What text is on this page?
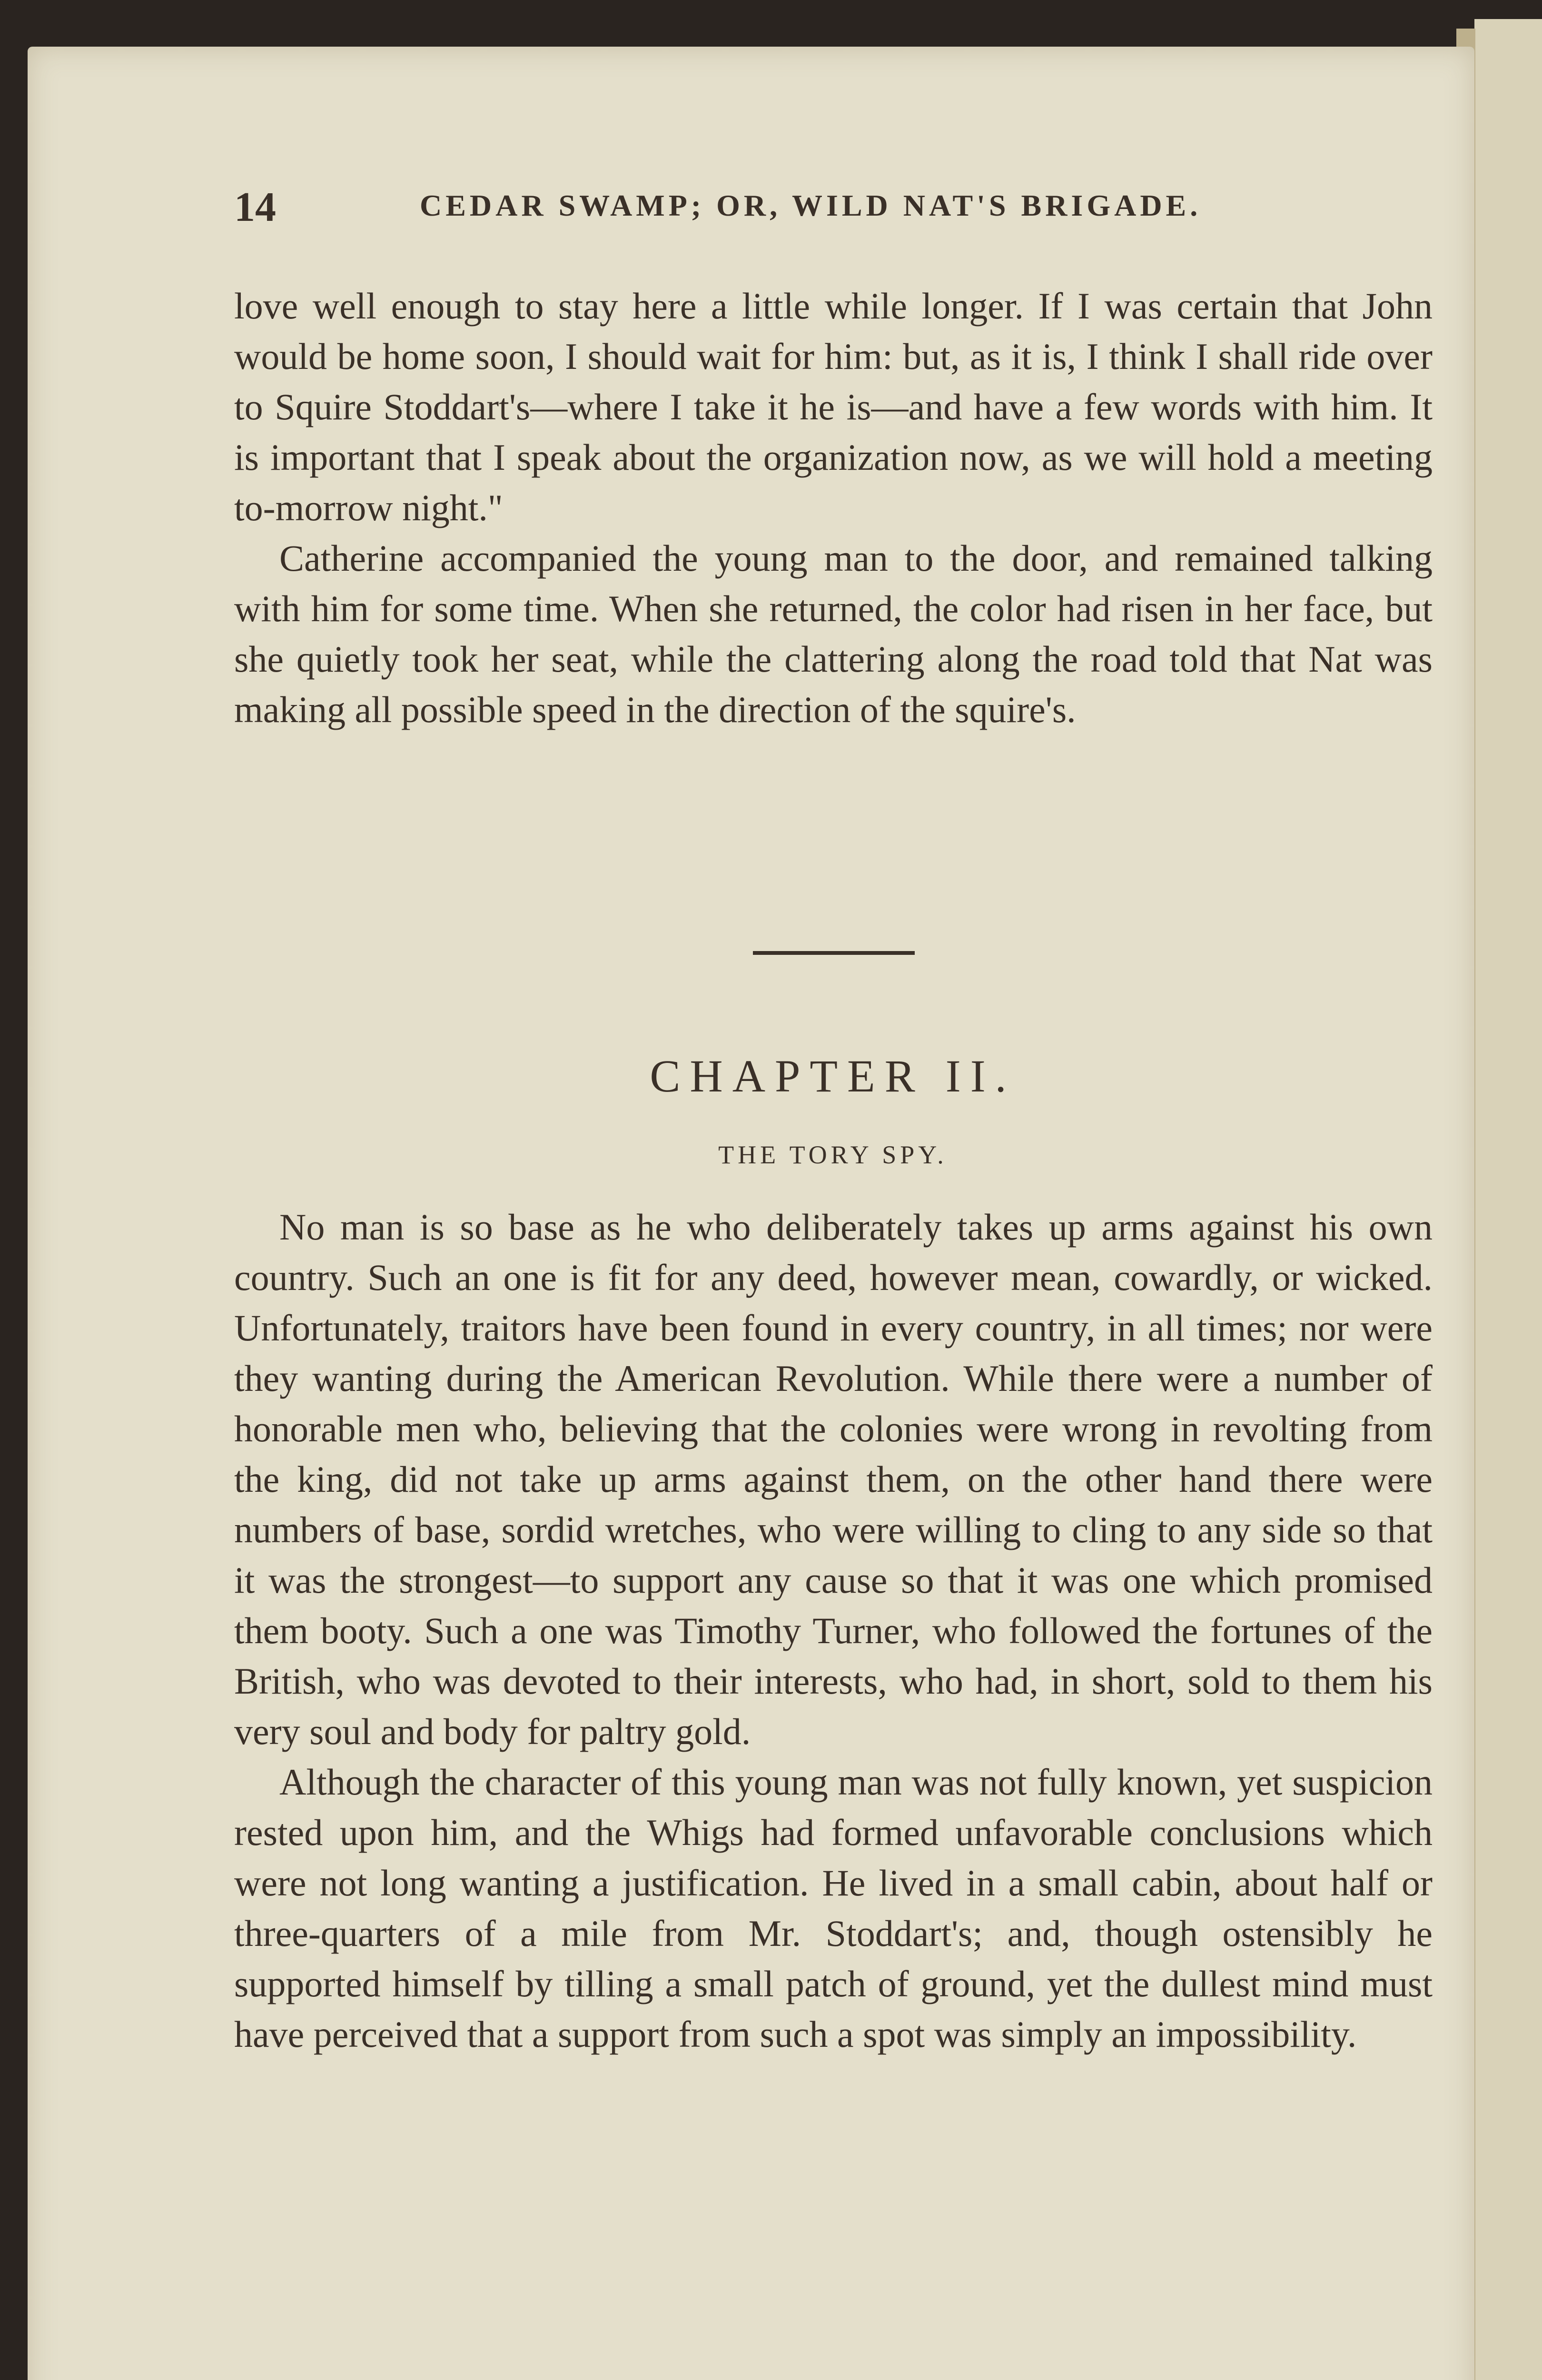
14	CEDAR SWAMP; OR, WILD NAT'S BRIGADE.

love well enough to stay here a little while longer. If I was certain that John would be home soon, I should wait for him: but, as it is, I think I shall ride over to Squire Stoddart's—where I take it he is—and have a few words with him. It is important that I speak about the organization now, as we will hold a meeting to-morrow night."

Catherine accompanied the young man to the door, and remained talking with him for some time. When she returned, the color had risen in her face, but she quietly took her seat, while the clattering along the road told that Nat was making all possible speed in the direction of the squire's.

CHAPTER II.
THE TORY SPY.

No man is so base as he who deliberately takes up arms against his own country. Such an one is fit for any deed, however mean, cowardly, or wicked. Unfortunately, traitors have been found in every country, in all times; nor were they wanting during the American Revolution. While there were a number of honorable men who, believing that the colonies were wrong in revolting from the king, did not take up arms against them, on the other hand there were numbers of base, sordid wretches, who were willing to cling to any side so that it was the strongest—to support any cause so that it was one which promised them booty. Such a one was Timothy Turner, who followed the fortunes of the British, who was devoted to their interests, who had, in short, sold to them his very soul and body for paltry gold.

Although the character of this young man was not fully known, yet suspicion rested upon him, and the Whigs had formed unfavorable conclusions which were not long wanting a justification. He lived in a small cabin, about half or three-quarters of a mile from Mr. Stoddart's; and, though ostensibly he supported himself by tilling a small patch of ground, yet the dullest mind must have perceived that a support from such a spot was simply an impossibility.
